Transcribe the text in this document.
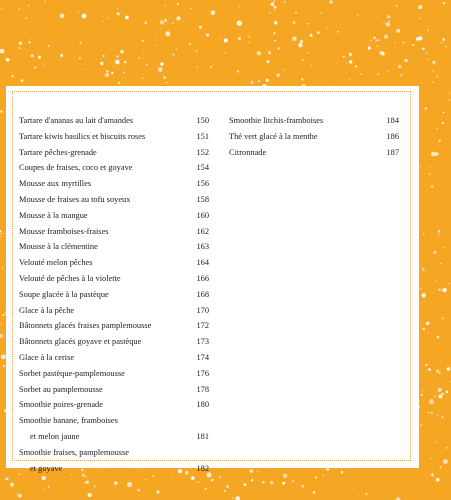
Tartare d'ananas au lait d'amandes	150
Tartare kiwis basilics et biscuits roses	151
Tartare pêches-grenade	152
Coupes de fraises, coco et goyave	154
Mousse aux myrtilles	156
Mousse de fraises au tofu soyeux	158
Mousse à la mangue	160
Mousse framboises-fraises	162
Mousse à la clémentine	163
Velouté melon pêches	164
Velouté de pêches à la violette	166
Soupe glacée à la pastèque	168
Glace à la pêche	170
Bâtonnets glacés fraises pamplemousse	172
Bâtonnets glacés goyave et pastèque	173
Glace à la cerise	174
Sorbet pastèque-pamplemousse	176
Sorbet au pamplemousse	178
Smoothie poires-grenade	180
Smoothie banane, framboises
et melon jaune	181
Smoothie fraises, pamplemousse
et goyave	182
Smoothie litchis-framboises	184
Thé vert glacé à la menthe	186
Citronnade	187
